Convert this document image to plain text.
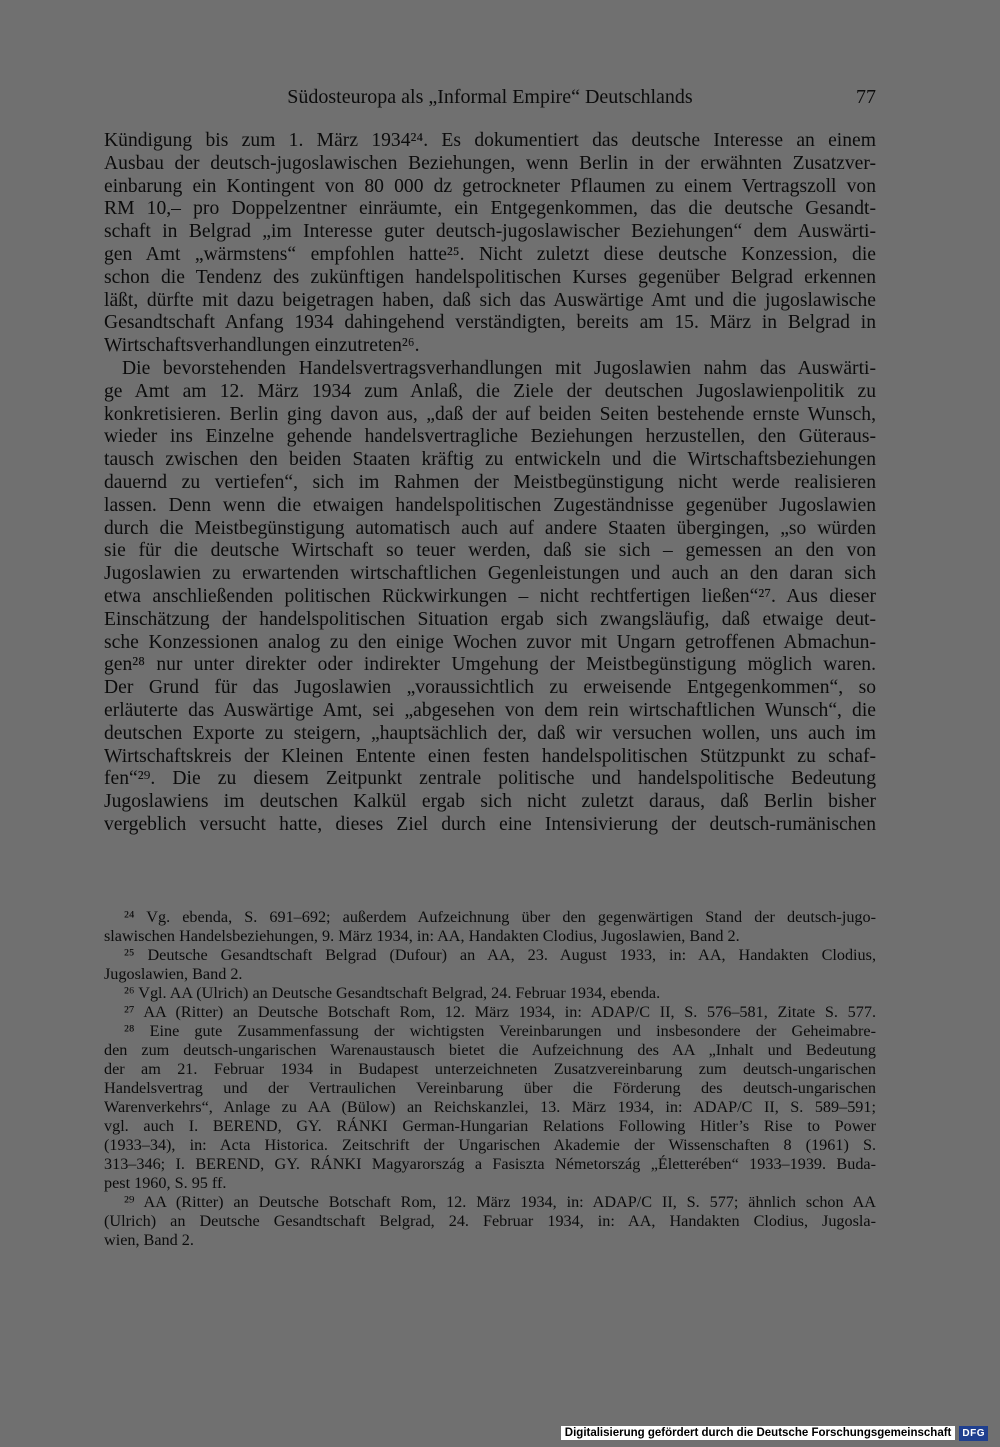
Südosteuropa als „Informal Empire“ Deutschlands	77
Kündigung bis zum 1. März 1934²⁴. Es dokumentiert das deutsche Interesse an einem
Ausbau der deutsch-jugoslawischen Beziehungen, wenn Berlin in der erwähnten Zusatzver-
einbarung ein Kontingent von 80 000 dz getrockneter Pflaumen zu einem Vertragszoll von
RM 10,– pro Doppelzentner einräumte, ein Entgegenkommen, das die deutsche Gesandt-
schaft in Belgrad „im Interesse guter deutsch-jugoslawischer Beziehungen“ dem Auswärti-
gen Amt „wärmstens“ empfohlen hatte²⁵. Nicht zuletzt diese deutsche Konzession, die
schon die Tendenz des zukünftigen handelspolitischen Kurses gegenüber Belgrad erkennen
läßt, dürfte mit dazu beigetragen haben, daß sich das Auswärtige Amt und die jugoslawische
Gesandtschaft Anfang 1934 dahingehend verständigten, bereits am 15. März in Belgrad in
Wirtschaftsverhandlungen einzutreten²⁶.
Die bevorstehenden Handelsvertragsverhandlungen mit Jugoslawien nahm das Auswärti-
ge Amt am 12. März 1934 zum Anlaß, die Ziele der deutschen Jugoslawienpolitik zu
konkretisieren. Berlin ging davon aus, „daß der auf beiden Seiten bestehende ernste Wunsch,
wieder ins Einzelne gehende handelsvertragliche Beziehungen herzustellen, den Güteraus-
tausch zwischen den beiden Staaten kräftig zu entwickeln und die Wirtschaftsbeziehungen
dauernd zu vertiefen“, sich im Rahmen der Meistbegünstigung nicht werde realisieren
lassen. Denn wenn die etwaigen handelspolitischen Zugeständnisse gegenüber Jugoslawien
durch die Meistbegünstigung automatisch auch auf andere Staaten übergingen, „so würden
sie für die deutsche Wirtschaft so teuer werden, daß sie sich – gemessen an den von
Jugoslawien zu erwartenden wirtschaftlichen Gegenleistungen und auch an den daran sich
etwa anschließenden politischen Rückwirkungen – nicht rechtfertigen ließen“²⁷. Aus dieser
Einschätzung der handelspolitischen Situation ergab sich zwangsläufig, daß etwaige deut-
sche Konzessionen analog zu den einige Wochen zuvor mit Ungarn getroffenen Abmachun-
gen²⁸ nur unter direkter oder indirekter Umgehung der Meistbegünstigung möglich waren.
Der Grund für das Jugoslawien „voraussichtlich zu erweisende Entgegenkommen“, so
erläuterte das Auswärtige Amt, sei „abgesehen von dem rein wirtschaftlichen Wunsch“, die
deutschen Exporte zu steigern, „hauptsächlich der, daß wir versuchen wollen, uns auch im
Wirtschaftskreis der Kleinen Entente einen festen handelspolitischen Stützpunkt zu schaf-
fen“²⁹. Die zu diesem Zeitpunkt zentrale politische und handelspolitische Bedeutung
Jugoslawiens im deutschen Kalkül ergab sich nicht zuletzt daraus, daß Berlin bisher
vergeblich versucht hatte, dieses Ziel durch eine Intensivierung der deutsch-rumänischen
²⁴ Vg. ebenda, S. 691–692; außerdem Aufzeichnung über den gegenwärtigen Stand der deutsch-jugo-
slawischen Handelsbeziehungen, 9. März 1934, in: AA, Handakten Clodius, Jugoslawien, Band 2.
²⁵ Deutsche Gesandtschaft Belgrad (Dufour) an AA, 23. August 1933, in: AA, Handakten Clodius,
Jugoslawien, Band 2.
²⁶ Vgl. AA (Ulrich) an Deutsche Gesandtschaft Belgrad, 24. Februar 1934, ebenda.
²⁷ AA (Ritter) an Deutsche Botschaft Rom, 12. März 1934, in: ADAP/C II, S. 576–581, Zitate S. 577.
²⁸ Eine gute Zusammenfassung der wichtigsten Vereinbarungen und insbesondere der Geheimabre-
den zum deutsch-ungarischen Warenaustausch bietet die Aufzeichnung des AA „Inhalt und Bedeutung
der am 21. Februar 1934 in Budapest unterzeichneten Zusatzvereinbarung zum deutsch-ungarischen
Handelsvertrag und der Vertraulichen Vereinbarung über die Förderung des deutsch-ungarischen
Warenverkehrs“, Anlage zu AA (Bülow) an Reichskanzlei, 13. März 1934, in: ADAP/C II, S. 589–591;
vgl. auch I. BEREND, GY. RÁNKI German-Hungarian Relations Following Hitler’s Rise to Power
(1933–34), in: Acta Historica. Zeitschrift der Ungarischen Akademie der Wissenschaften 8 (1961) S.
313–346; I. BEREND, GY. RÁNKI Magyarország a Fasiszta Németország „Életterében“ 1933–1939. Buda-
pest 1960, S. 95 ff.
²⁹ AA (Ritter) an Deutsche Botschaft Rom, 12. März 1934, in: ADAP/C II, S. 577; ähnlich schon AA
(Ulrich) an Deutsche Gesandtschaft Belgrad, 24. Februar 1934, in: AA, Handakten Clodius, Jugosla-
wien, Band 2.
Digitalisierung gefördert durch die Deutsche Forschungsgemeinschaft	DFG
